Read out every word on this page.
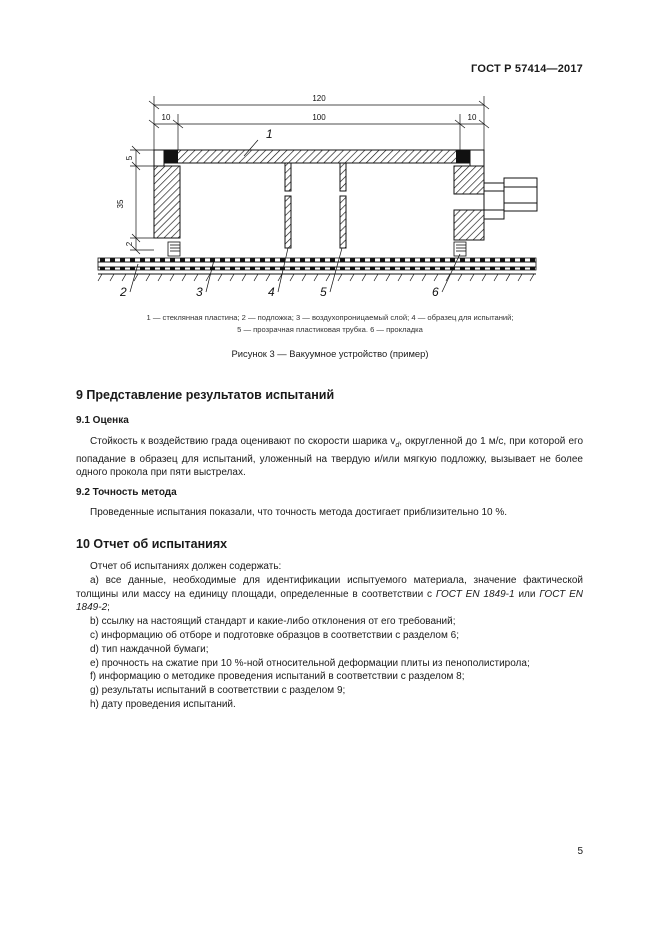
ГОСТ Р 57414—2017
120
100
10	10
35
5
2
1
2	3	4	5	6
1 — стеклянная пластина; 2 — подложка; 3 — воздухопроницаемый слой; 4 — образец для испытаний;
5 — прозрачная пластиковая трубка. 6 — прокладка
Рисунок 3 — Вакуумное устройство (пример)
9 Представление результатов испытаний
9.1 Оценка

Стойкость к воздействию града оценивают по скорости шарика $v_d$, округленной до 1 м/с, при которой его попадание в образец для испытаний, уложенный на твердую и/или мягкую подложку, вызывает не более одного прокола при пяти выстрелах.

9.2 Точность метода

Проведенные испытания показали, что точность метода достигает приблизительно 10 %.

10 Отчет об испытаниях
Отчет об испытаниях должен содержать:
a) все данные, необходимые для идентификации испытуемого материала, значение фактической толщины или массу на единицу площади, определенные в соответствии с ГОСТ EN 1849-1 или ГОСТ EN 1849-2;
b) ссылку на настоящий стандарт и какие-либо отклонения от его требований;
c) информацию об отборе и подготовке образцов в соответствии с разделом 6;
d) тип наждачной бумаги;
e) прочность на сжатие при 10 %-ной относительной деформации плиты из пенополистирола;
f) информацию о методике проведения испытаний в соответствии с разделом 8;
g) результаты испытаний в соответствии с разделом 9;
h) дату проведения испытаний.
5
